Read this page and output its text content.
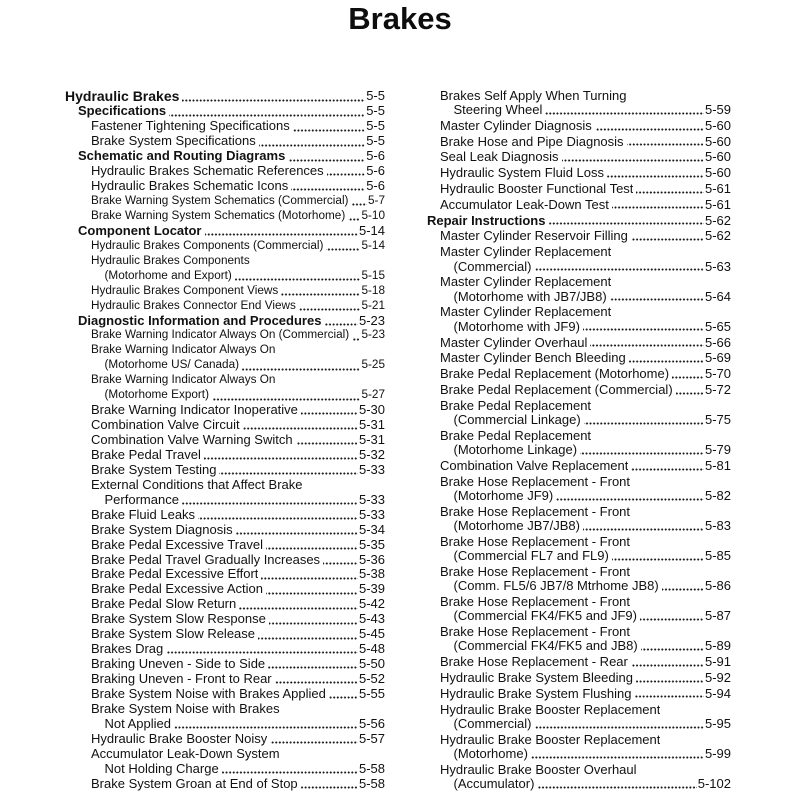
Brakes
Hydraulic Brakes	5-5
Specifications	5-5
Fastener Tightening Specifications	5-5
Brake System Specifications	5-5
Schematic and Routing Diagrams	5-6
Hydraulic Brakes Schematic References	5-6
Hydraulic Brakes Schematic Icons	5-6
Brake Warning System Schematics (Commercial) 5-7
Brake Warning System Schematics (Motorhome) 5-10
Component Locator	5-14
Hydraulic Brakes Components (Commercial)	5-14
Hydraulic Brakes Components
(Motorhome and Export)	5-15
Hydraulic Brakes Component Views	5-18
Hydraulic Brakes Connector End Views	5-21
Diagnostic Information and Procedures	5-23
Brake Warning Indicator Always On (Commercial) 5-23
Brake Warning Indicator Always On
(Motorhome US/ Canada)	5-25
Brake Warning Indicator Always On
(Motorhome Export)	5-27
Brake Warning Indicator Inoperative	5-30
Combination Valve Circuit	5-31
Combination Valve Warning Switch	5-31
Brake Pedal Travel	5-32
Brake System Testing	5-33
External Conditions that Affect Brake
Performance	5-33
Brake Fluid Leaks	5-33
Brake System Diagnosis	5-34
Brake Pedal Excessive Travel	5-35
Brake Pedal Travel Gradually Increases	5-36
Brake Pedal Excessive Effort	5-38
Brake Pedal Excessive Action	5-39
Brake Pedal Slow Return	5-42
Brake System Slow Response	5-43
Brake System Slow Release	5-45
Brakes Drag	5-48
Braking Uneven - Side to Side	5-50
Braking Uneven - Front to Rear	5-52
Brake System Noise with Brakes Applied	5-55
Brake System Noise with Brakes
Not Applied	5-56
Hydraulic Brake Booster Noisy	5-57
Accumulator Leak-Down System
Not Holding Charge	5-58
Brake System Groan at End of Stop	5-58
Brakes Self Apply When Turning
Steering Wheel	5-59
Master Cylinder Diagnosis	5-60
Brake Hose and Pipe Diagnosis	5-60
Seal Leak Diagnosis	5-60
Hydraulic System Fluid Loss	5-60
Hydraulic Booster Functional Test	5-61
Accumulator Leak-Down Test	5-61
Repair Instructions	5-62
Master Cylinder Reservoir Filling	5-62
Master Cylinder Replacement
(Commercial)	5-63
Master Cylinder Replacement
(Motorhome with JB7/JB8)	5-64
Master Cylinder Replacement
(Motorhome with JF9)	5-65
Master Cylinder Overhaul	5-66
Master Cylinder Bench Bleeding	5-69
Brake Pedal Replacement (Motorhome)	5-70
Brake Pedal Replacement (Commercial) 5-72
Brake Pedal Replacement
(Commercial Linkage)	5-75
Brake Pedal Replacement
(Motorhome Linkage)	5-79
Combination Valve Replacement	5-81
Brake Hose Replacement - Front
(Motorhome JF9)	5-82
Brake Hose Replacement - Front
(Motorhome JB7/JB8)	5-83
Brake Hose Replacement - Front
(Commercial FL7 and FL9)	5-85
Brake Hose Replacement - Front
(Comm. FL5/6 JB7/8 Mtrhome JB8)	5-86
Brake Hose Replacement - Front
(Commercial FK4/FK5 and JF9)	5-87
Brake Hose Replacement - Front
(Commercial FK4/FK5 and JB8)	5-89
Brake Hose Replacement - Rear	5-91
Hydraulic Brake System Bleeding	5-92
Hydraulic Brake System Flushing	5-94
Hydraulic Brake Booster Replacement
(Commercial)	5-95
Hydraulic Brake Booster Replacement
(Motorhome)	5-99
Hydraulic Brake Booster Overhaul
(Accumulator)	5-102
